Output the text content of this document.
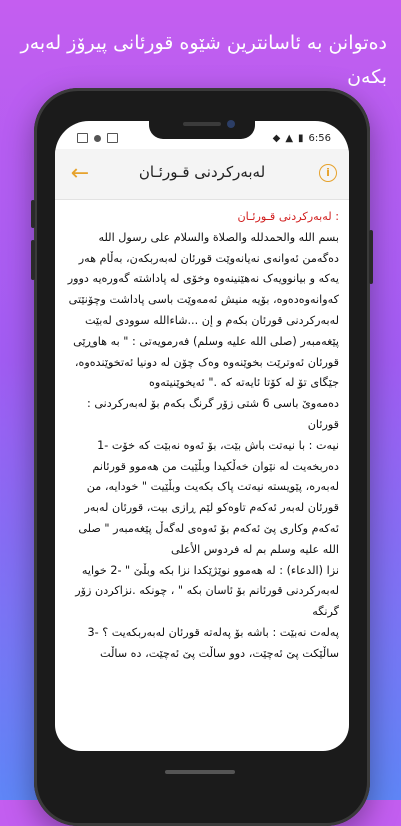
دەتوانن بە ئاسانترین شێوە قورئانی پیرۆز لەبەر بکەن
◆ ▲ ▮ 6:56
←	لەبەرکردنی قـورئـان	i

: لەبەرکردنی قـورئـان

بسم الله والحمدلله والصلاة والسلام على رسول الله دەگەمن ئەوانەی نەیانەوێت قورئان لەبەربکەن، بەڵام هەر یەکە و بیانوویەک نەهێنینەوە وخۆی لە پاداشتە گەورەیە دوور کەوانەوەدەوە، بۆیە منیش ئەمەوێت باسی پاداشت وچۆنێتی لەبەرکردنی قورئان بکەم و إن ...شاءالله سوودی لەبێت

پێغەمبەر (صلی الله علیه وسلم) فەرمویەتی : " بە هاوڕێی قورئان ئەوترێت بخوێنەوە وەک چۆن لە دونیا ئەتخوێندەوە، جێگای تۆ لە کۆتا ئایەتە کە ." ئەیخوێنیتەوە

دەمەوێ باسی 6 شتی زۆر گرنگ بکەم بۆ لەبەرکردنی : قورئان

نیەت : با نیەتت باش بێت، بۆ ئەوە نەبێت کە خۆت -1 دەربخەیت لە نێوان خەڵکیدا وبڵێیت من هەموو قورئانم لەبەرە، پێویستە نیەتت پاک بکەیت وبڵێیت " خودایە، من قورئان لەبەر ئەکەم تاوەکو لێم ڕازی بیت، قورئان لەبەر ئەکەم وکاری پێ ئەکەم بۆ ئەوەی لەگەڵ پێغەمبەر " صلی الله علیه وسلم بم لە فردوس الأعلی

نزا (الدعاء) : لە هەموو نوێژێکدا نزا بکە وبڵێ " -2 خوایە لەبەرکردنی قورئانم بۆ ئاسان بکە " ، چونکە .نزاکردن زۆر گرنگە

پەلەت نەبێت : باشە بۆ پەلەتە قورئان لەبەربکەیت ؟ -3 ساڵێکت پێ ئەچێت، دوو ساڵت پێ ئەچێت، دە ساڵت
